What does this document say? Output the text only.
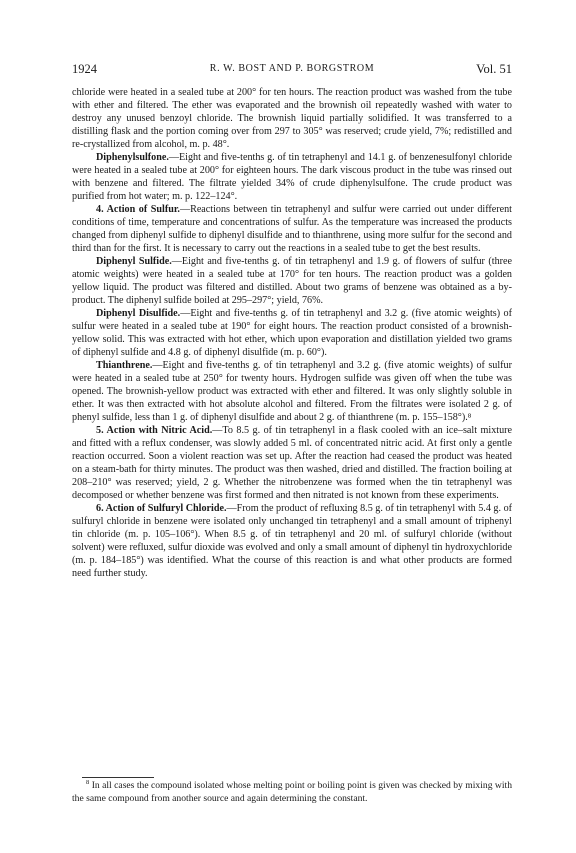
1924	R. W. BOST AND P. BORGSTROM	Vol. 51

chloride were heated in a sealed tube at 200° for ten hours. The reaction product was washed from the tube with ether and filtered. The ether was evaporated and the brownish oil repeatedly washed with water to destroy any unused benzoyl chloride. The brownish liquid partially solidified. It was transferred to a distilling flask and the portion coming over from 297 to 305° was reserved; crude yield, 7%; redistilled and re-crystallized from alcohol, m. p. 48°.

Diphenylsulfone.—Eight and five-tenths g. of tin tetraphenyl and 14.1 g. of benzenesulfonyl chloride were heated in a sealed tube at 200° for eighteen hours. The dark viscous product in the tube was rinsed out with benzene and filtered. The filtrate yielded 34% of crude diphenylsulfone. The crude product was purified from hot water; m. p. 122–124°.

4. Action of Sulfur.—Reactions between tin tetraphenyl and sulfur were carried out under different conditions of time, temperature and concentrations of sulfur. As the temperature was increased the products changed from diphenyl sulfide to diphenyl disulfide and to thianthrene, using more sulfur for the second and third than for the first. It is necessary to carry out the reactions in a sealed tube to get the best results.

Diphenyl Sulfide.—Eight and five-tenths g. of tin tetraphenyl and 1.9 g. of flowers of sulfur (three atomic weights) were heated in a sealed tube at 170° for ten hours. The reaction product was a golden yellow liquid. The product was filtered and distilled. About two grams of benzene was obtained as a by-product. The diphenyl sulfide boiled at 295–297°; yield, 76%.

Diphenyl Disulfide.—Eight and five-tenths g. of tin tetraphenyl and 3.2 g. (five atomic weights) of sulfur were heated in a sealed tube at 190° for eight hours. The reaction product consisted of a brownish-yellow solid. This was extracted with hot ether, which upon evaporation and distillation yielded two grams of diphenyl sulfide and 4.8 g. of diphenyl disulfide (m. p. 60°).

Thianthrene.—Eight and five-tenths g. of tin tetraphenyl and 3.2 g. (five atomic weights) of sulfur were heated in a sealed tube at 250° for twenty hours. Hydrogen sulfide was given off when the tube was opened. The brownish-yellow product was extracted with ether and filtered. It was only slightly soluble in ether. It was then extracted with hot absolute alcohol and filtered. From the filtrates were isolated 2 g. of phenyl sulfide, less than 1 g. of diphenyl disulfide and about 2 g. of thianthrene (m. p. 155–158°).⁸

5. Action with Nitric Acid.—To 8.5 g. of tin tetraphenyl in a flask cooled with an ice–salt mixture and fitted with a reflux condenser, was slowly added 5 ml. of concentrated nitric acid. At first only a gentle reaction occurred. Soon a violent reaction was set up. After the reaction had ceased the product was heated on a steam-bath for thirty minutes. The product was then washed, dried and distilled. The fraction boiling at 208–210° was reserved; yield, 2 g. Whether the nitrobenzene was formed when the tin tetraphenyl was decomposed or whether benzene was first formed and then nitrated is not known from these experiments.

6. Action of Sulfuryl Chloride.—From the product of refluxing 8.5 g. of tin tetraphenyl with 5.4 g. of sulfuryl chloride in benzene were isolated only unchanged tin tetraphenyl and a small amount of triphenyl tin chloride (m. p. 105–106°). When 8.5 g. of tin tetraphenyl and 20 ml. of sulfuryl chloride (without solvent) were refluxed, sulfur dioxide was evolved and only a small amount of diphenyl tin hydroxychloride (m. p. 184–185°) was identified. What the course of this reaction is and what other products are formed need further study.

$^8$ In all cases the compound isolated whose melting point or boiling point is given was checked by mixing with the same compound from another source and again determining the constant.
